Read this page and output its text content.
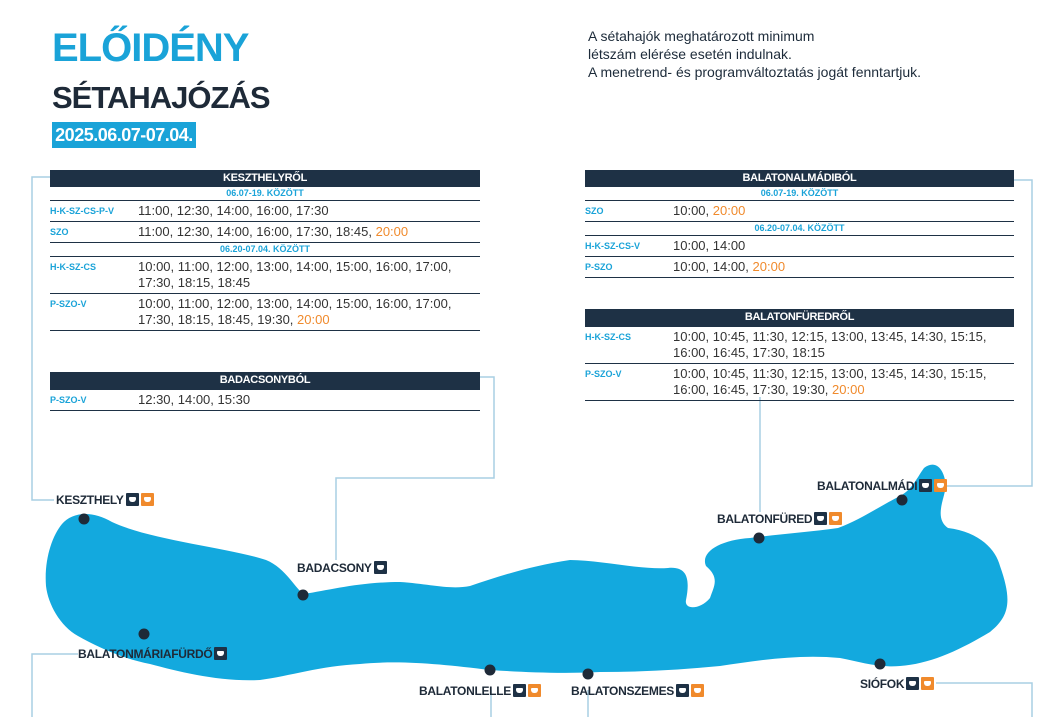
ELŐIDÉNY
SÉTAHAJÓZÁS
2025.06.07-07.04.
A sétahajók meghatározott minimum
létszám elérése esetén indulnak.
A menetrend- és programváltoztatás jogát fenntartjuk.
KESZTHELYRŐL
06.07-19. KÖZÖTT
H-K-SZ-CS-P-V	11:00, 12:30, 14:00, 16:00, 17:30
SZO	11:00, 12:30, 14:00, 16:00, 17:30, 18:45, 20:00
06.20-07.04. KÖZÖTT
H-K-SZ-CS	10:00, 11:00, 12:00, 13:00, 14:00, 15:00, 16:00, 17:00, 17:30, 18:15, 18:45
P-SZO-V	10:00, 11:00, 12:00, 13:00, 14:00, 15:00, 16:00, 17:00, 17:30, 18:15, 18:45, 19:30, 20:00
BADACSONYBÓL
P-SZO-V	12:30, 14:00, 15:30
BALATONALMÁDIBÓL
06.07-19. KÖZÖTT
SZO	10:00, 20:00
06.20-07.04. KÖZÖTT
H-K-SZ-CS-V	10:00, 14:00
P-SZO	10:00, 14:00, 20:00
BALATONFÜREDRŐL
H-K-SZ-CS	10:00, 10:45, 11:30, 12:15, 13:00, 13:45, 14:30, 15:15, 16:00, 16:45, 17:30, 18:15
P-SZO-V	10:00, 10:45, 11:30, 12:15, 13:00, 13:45, 14:30, 15:15, 16:00, 16:45, 17:30, 19:30, 20:00
KESZTHELY
BADACSONY
BALATONMÁRIAFÜRDŐ
BALATONLELLE	BALATONSZEMES	SIÓFOK
BALATONFÜRED
BALATONALMÁDI
